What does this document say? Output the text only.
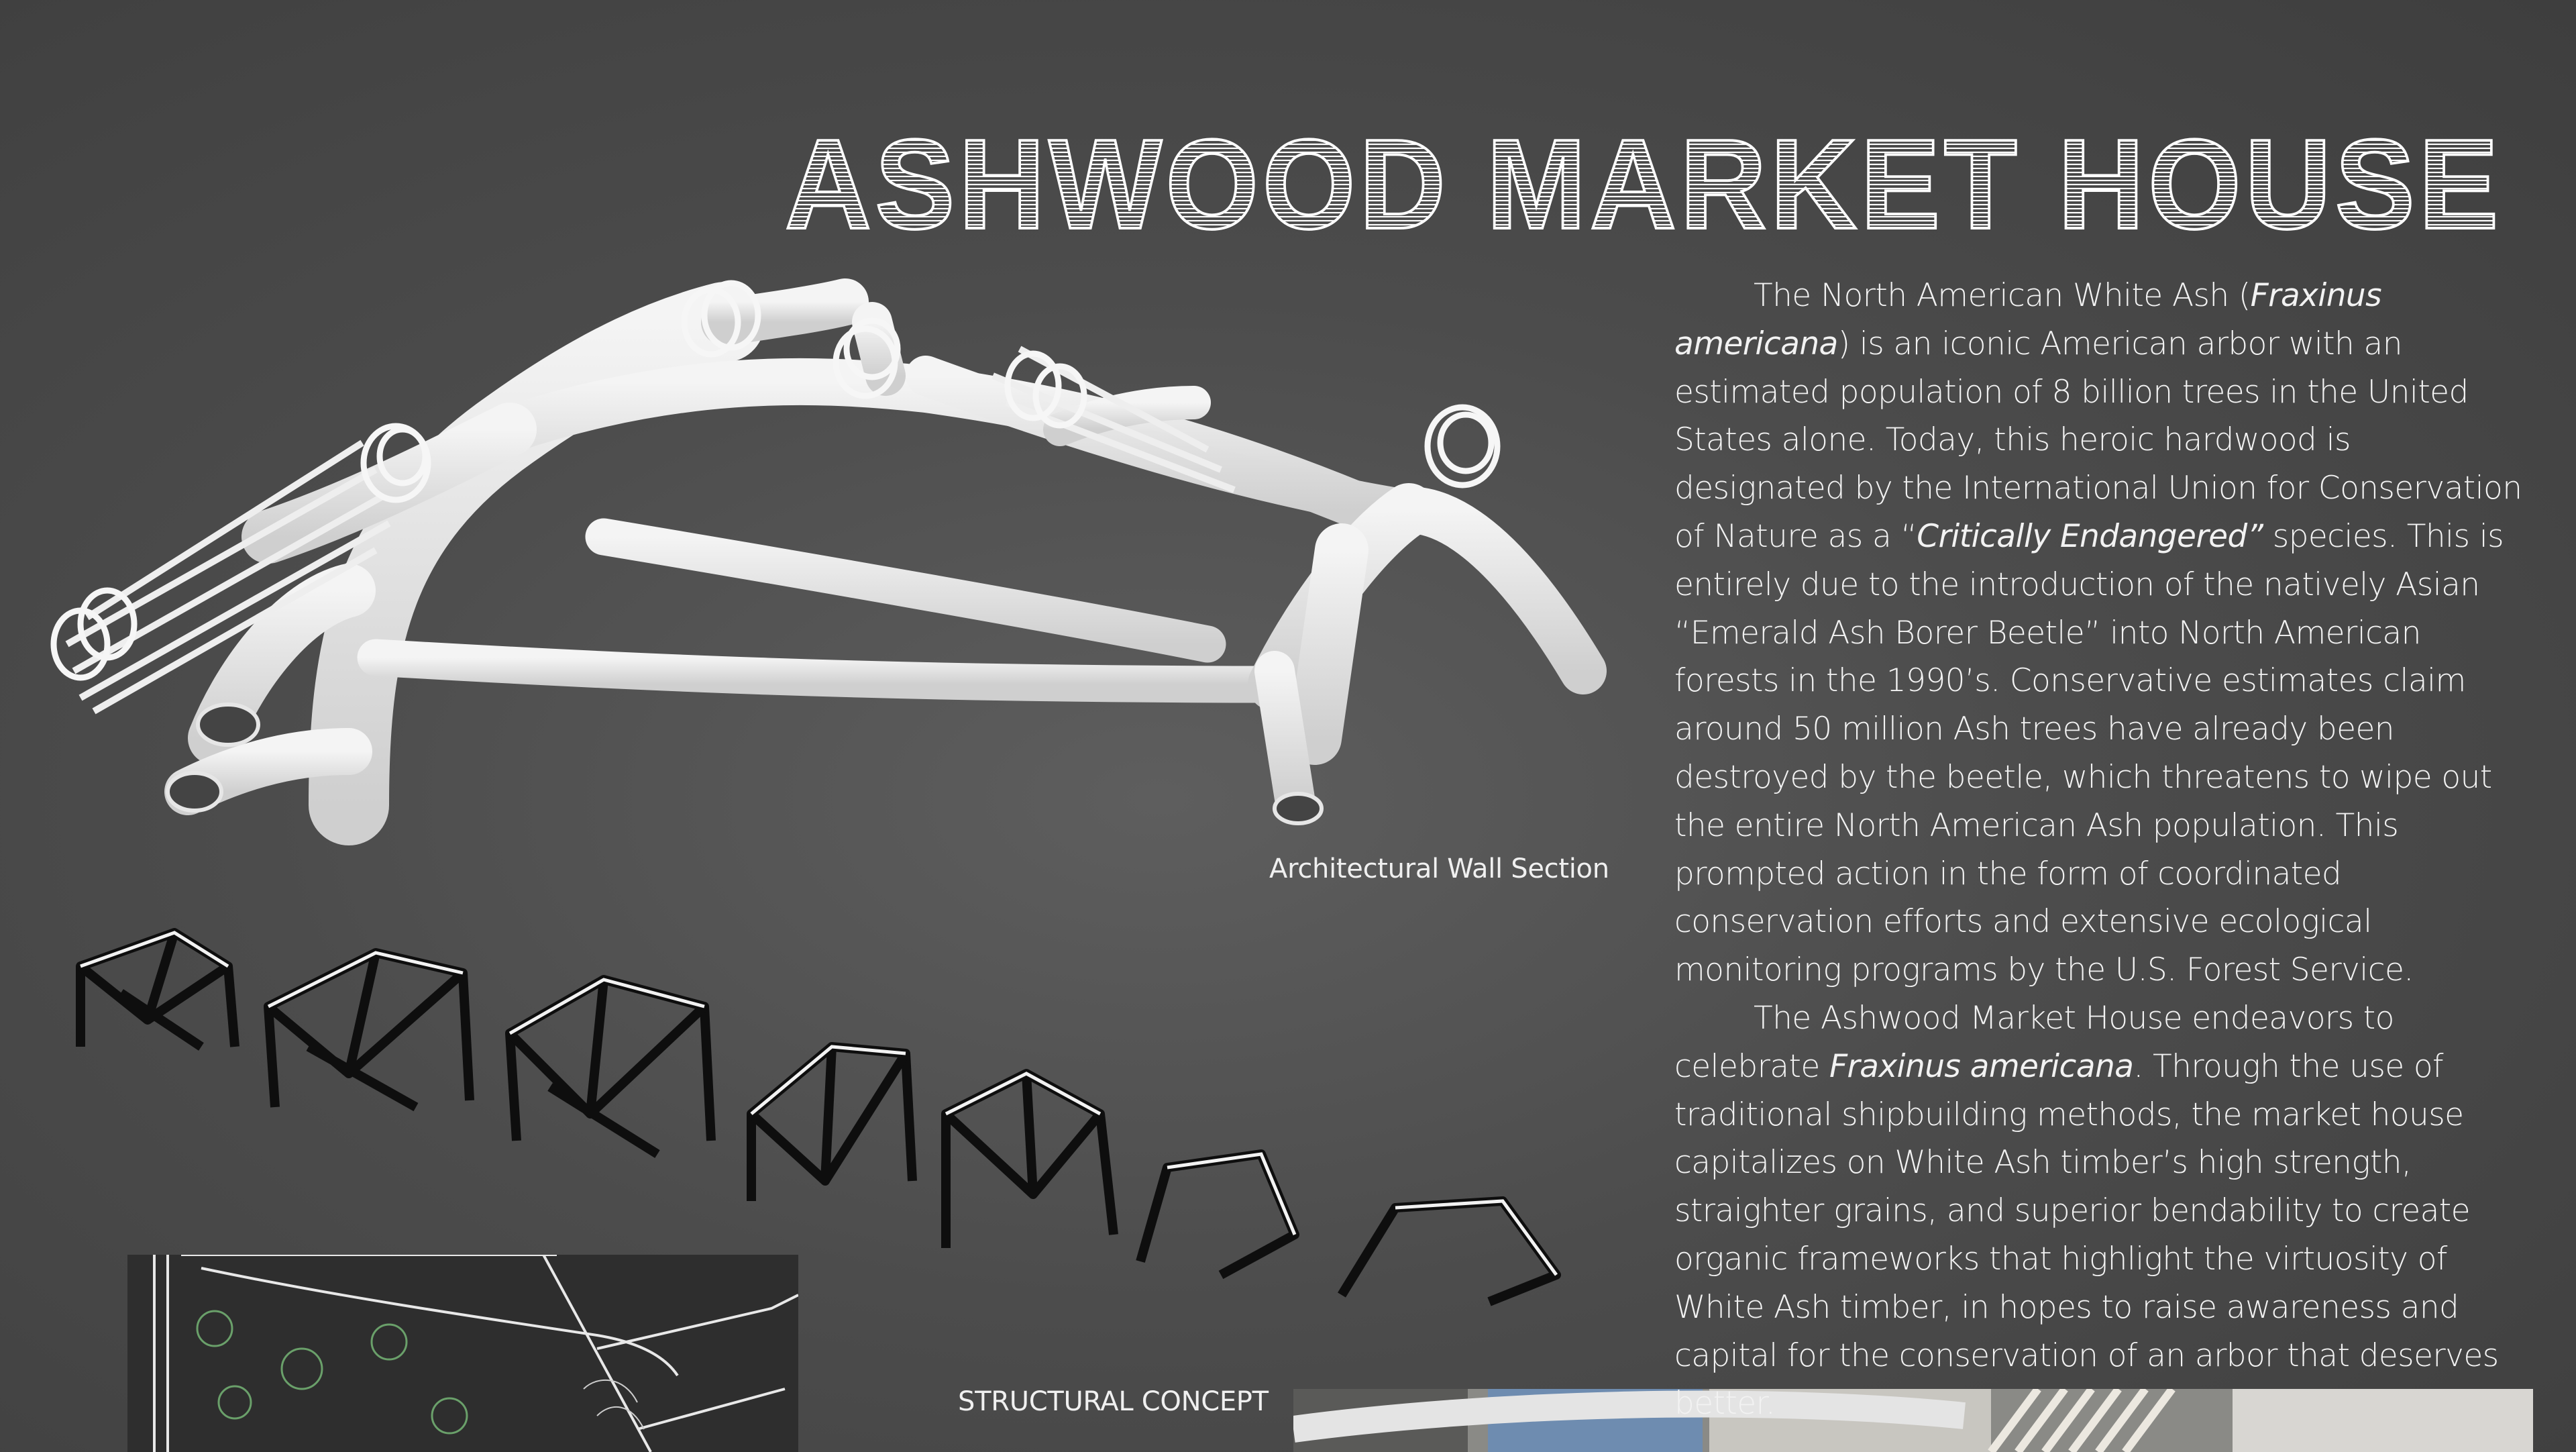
ASHWOOD MARKET HOUSE

The North American White Ash (Fraxinus americana) is an iconic American arbor with an estimated population of 8 billion trees in the United States alone. Today, this heroic hardwood is designated by the International Union for Conservation of Nature as a “Critically Endangered” species. This is entirely due to the introduction of the natively Asian “Emerald Ash Borer Beetle” into North American forests in the 1990’s. Conservative estimates claim around 50 million Ash trees have already been destroyed by the beetle, which threatens to wipe out the entire North American Ash population. This prompted action in the form of coordinated conservation efforts and extensive ecological monitoring programs by the U.S. Forest Service.

The Ashwood Market House endeavors to celebrate Fraxinus americana. Through the use of traditional shipbuilding methods, the market house capitalizes on White Ash timber’s high strength, straighter grains, and superior bendability to create organic frameworks that highlight the virtuosity of White Ash timber, in hopes to raise awareness and capital for the conservation of an arbor that deserves better.

Architectural Wall Section
STRUCTURAL CONCEPT
